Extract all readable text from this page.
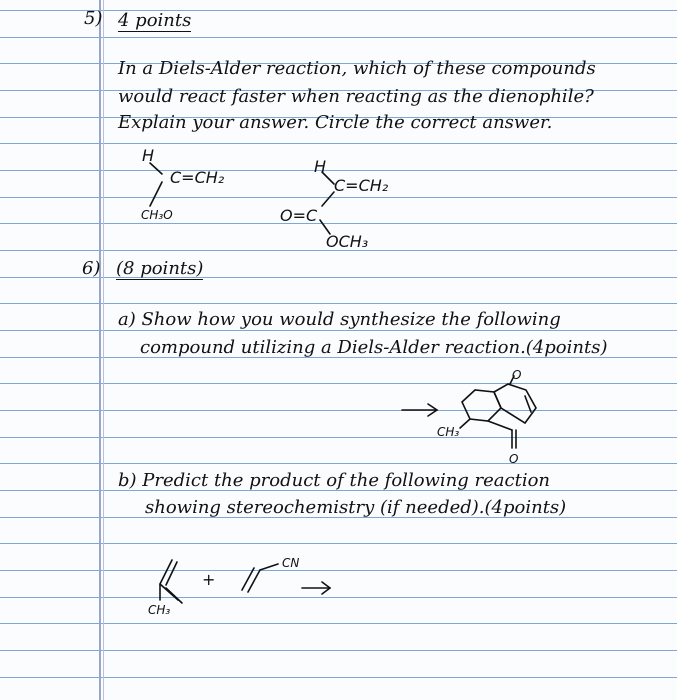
5) 4 points
In a Diels-Alder reaction, which of these compounds
would react faster when reacting as the dienophile?
Explain your answer. Circle the correct answer.
H
C=CH₂
CH₃O
H
C=CH₂
O=C
OCH₃
6) (8 points)
a) Show how you would synthesize the following
compound utilizing a Diels-Alder reaction.(4points)
O
CH₃
O
b) Predict the product of the following reaction
showing stereochemistry (if needed).(4points)
CH₃
+
CN
